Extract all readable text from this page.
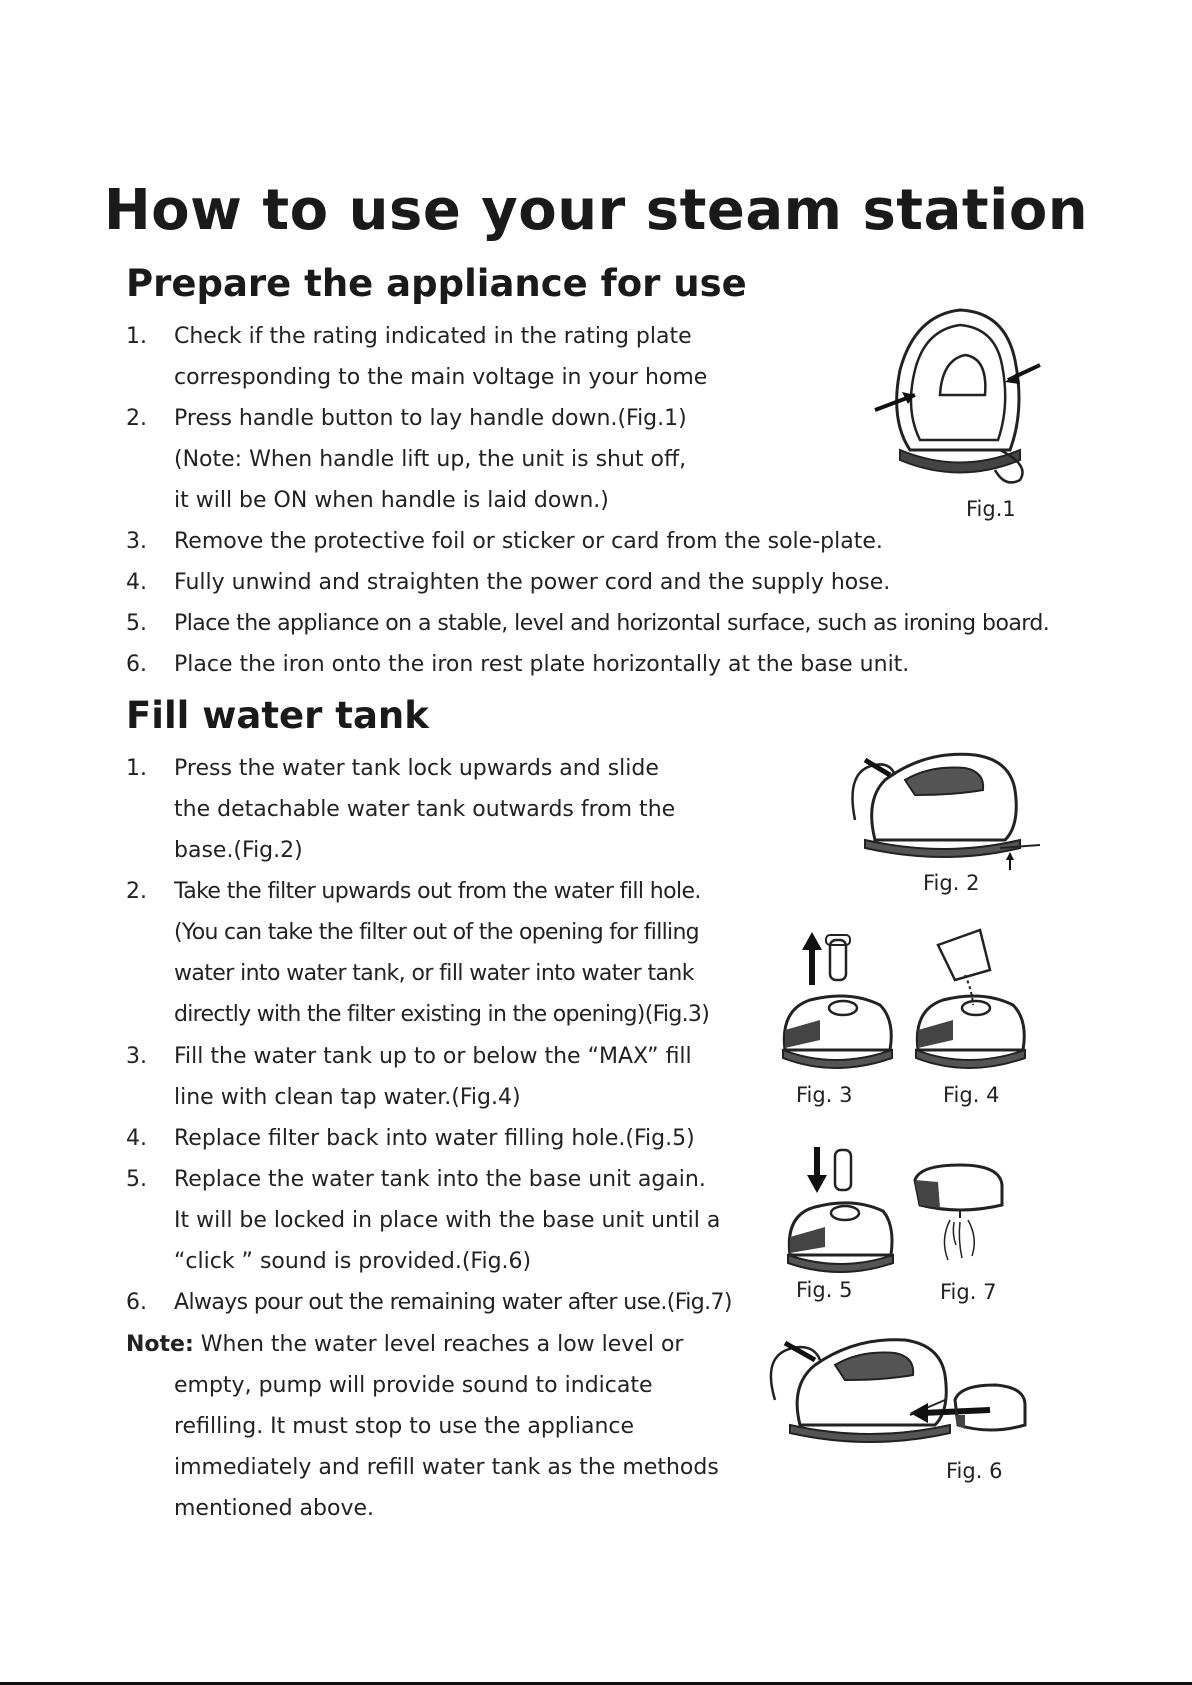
How to use your steam station
Prepare the appliance for use
1. Check if the rating indicated in the rating plate
corresponding to the main voltage in your home
2. Press handle button to lay handle down.(Fig.1)
(Note: When handle lift up, the unit is shut off,
it will be ON when handle is laid down.)
3. Remove the protective foil or sticker or card from the sole-plate.
4. Fully unwind and straighten the power cord and the supply hose.
5. Place the appliance on a stable, level and horizontal surface, such as ironing board.
6. Place the iron onto the iron rest plate horizontally at the base unit.
Fig.1
Fill water tank
1. Press the water tank lock upwards and slide
the detachable water tank outwards from the
base.(Fig.2)
2. Take the filter upwards out from the water fill hole.
(You can take the filter out of the opening for filling
water into water tank, or fill water into water tank
directly with the filter existing in the opening)(Fig.3)
3. Fill the water tank up to or below the “MAX” fill
line with clean tap water.(Fig.4)
4. Replace filter back into water filling hole.(Fig.5)
5. Replace the water tank into the base unit again.
It will be locked in place with the base unit until a
“click ” sound is provided.(Fig.6)
6. Always pour out the remaining water after use.(Fig.7)
Note: When the water level reaches a low level or
empty, pump will provide sound to indicate
refilling. It must stop to use the appliance
immediately and refill water tank as the methods
mentioned above.
Fig. 2
Fig. 3	Fig. 4
Fig. 5	Fig. 7
Fig. 6
